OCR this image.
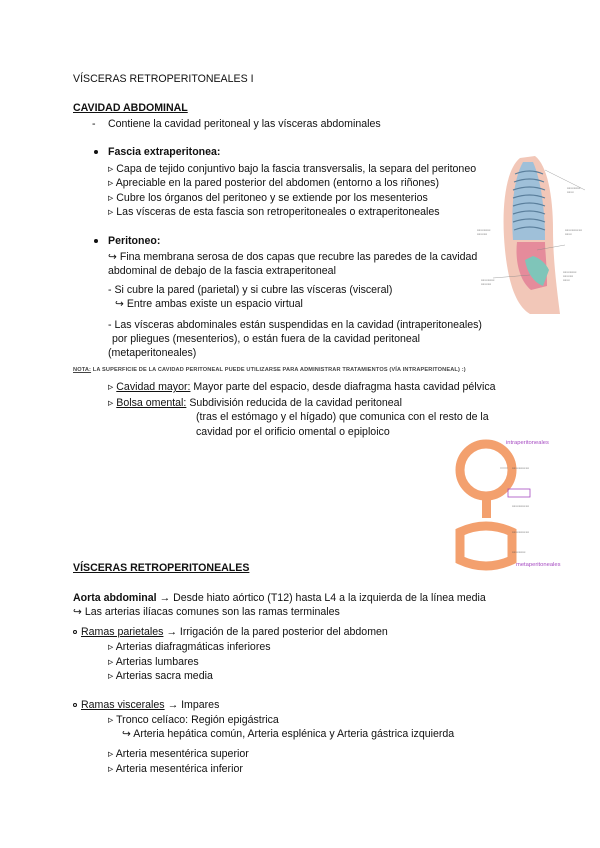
VÍSCERAS RETROPERITONEALES I
CAVIDAD ABDOMINAL
- Contiene la cavidad peritoneal y las vísceras abdominales
Fascia extraperitonea:
▹ Capa de tejido conjuntivo bajo la fascia transversalis, la separa del peritoneo
▹ Apreciable en la pared posterior del abdomen (entorno a los riñones)
▹ Cubre los órganos del peritoneo y se extiende por los mesenterios
▹ Las vísceras de esta fascia son retroperitoneales o extraperitoneales
Peritoneo:
↪ Fina membrana serosa de dos capas que recubre las paredes de la cavidad
abdominal de debajo de la fascia extraperitoneal
- Si cubre la pared (parietal) y si cubre las vísceras (visceral)
↪ Entre ambas existe un espacio virtual
- Las vísceras abdominales están suspendidas en la cavidad (intraperitoneales)
por pliegues (mesenterios), o están fuera de la cavidad peritoneal
(metaperitoneales)
NOTA: LA SUPERFICIE DE LA CAVIDAD PERITONEAL PUEDE UTILIZARSE PARA ADMINISTRAR TRATAMIENTOS (VÍA INTRAPERITONEAL) :)
▹ Cavidad mayor: Mayor parte del espacio, desde diafragma hasta cavidad pélvica
▹ Bolsa omental: Subdivisión reducida de la cavidad peritoneal
(tras el estómago y el hígado) que comunica con el resto de la
cavidad por el orificio omental o epiploico
▭▭▭▭
▭▭
▭▭▭▭
▭▭▭
▭▭▭▭▭
▭▭
▭▭▭▭
▭▭▭
▭▭
▭▭▭▭
▭▭▭
intraperitoneales
metaperitoneales
▭▭▭▭▭
▭▭▭▭▭
▭▭▭▭▭
▭▭▭▭
VÍSCERAS RETROPERITONEALES
Aorta abdominal → Desde hiato aórtico (T12) hasta L4 a la izquierda de la línea media
↪ Las arterias ilíacas comunes son las ramas terminales
Ramas parietales → Irrigación de la pared posterior del abdomen
▹ Arterias diafragmáticas inferiores
▹ Arterias lumbares
▹ Arterias sacra media
Ramas viscerales → Impares
▹ Tronco celíaco: Región epigástrica
↪ Arteria hepática común, Arteria esplénica y Arteria gástrica izquierda
▹ Arteria mesentérica superior
▹ Arteria mesentérica inferior
